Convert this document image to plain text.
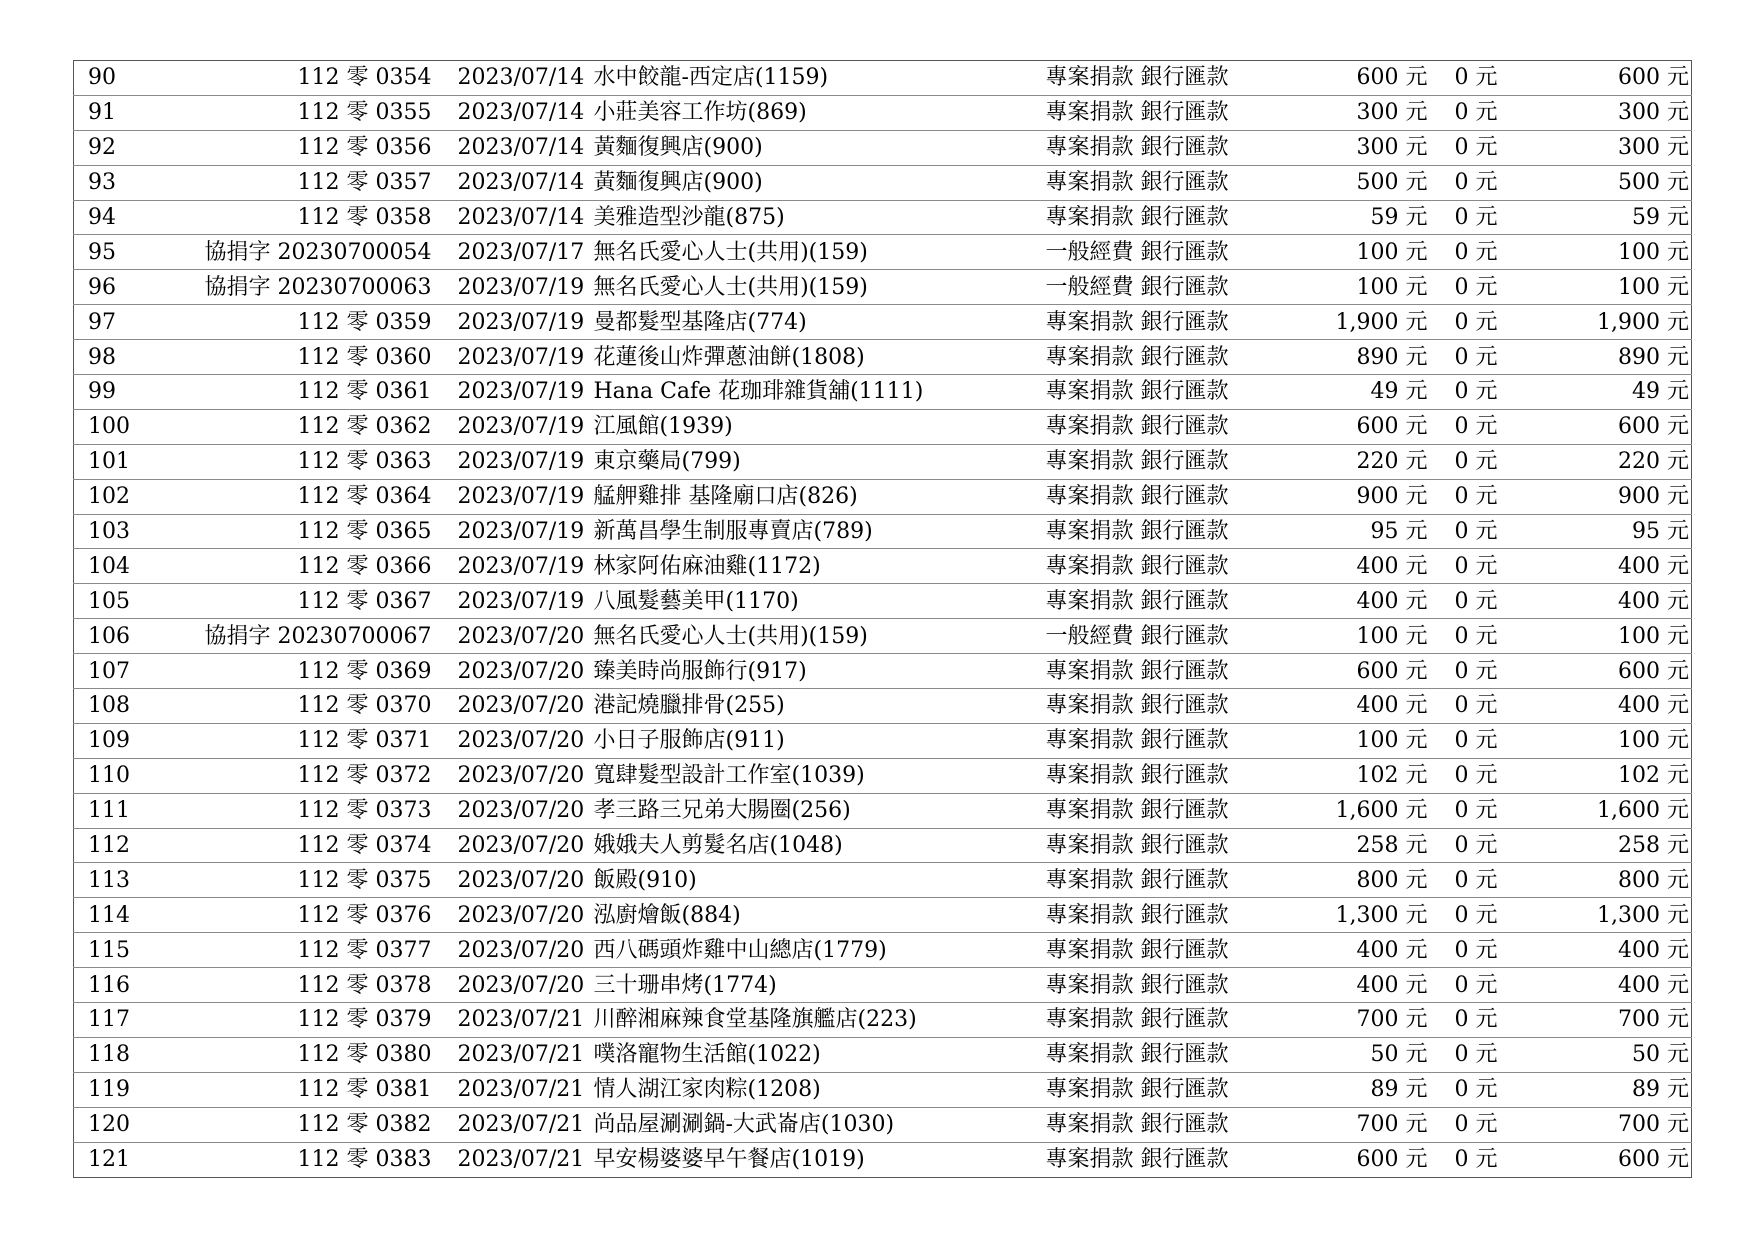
90	112 零 0354	2023/07/14	水中餃龍-西定店(1159)	專案捐款 銀行匯款	600 元	0 元	600 元
91	112 零 0355	2023/07/14	小莊美容工作坊(869)	專案捐款 銀行匯款	300 元	0 元	300 元
92	112 零 0356	2023/07/14	黃麵復興店(900)	專案捐款 銀行匯款	300 元	0 元	300 元
93	112 零 0357	2023/07/14	黃麵復興店(900)	專案捐款 銀行匯款	500 元	0 元	500 元
94	112 零 0358	2023/07/14	美雅造型沙龍(875)	專案捐款 銀行匯款	59 元	0 元	59 元
95	協捐字 20230700054	2023/07/17	無名氏愛心人士(共用)(159)	一般經費 銀行匯款	100 元	0 元	100 元
96	協捐字 20230700063	2023/07/19	無名氏愛心人士(共用)(159)	一般經費 銀行匯款	100 元	0 元	100 元
97	112 零 0359	2023/07/19	曼都髮型基隆店(774)	專案捐款 銀行匯款	1,900 元	0 元	1,900 元
98	112 零 0360	2023/07/19	花蓮後山炸彈蔥油餅(1808)	專案捐款 銀行匯款	890 元	0 元	890 元
99	112 零 0361	2023/07/19	Hana Cafe 花珈琲雜貨舖(1111)	專案捐款 銀行匯款	49 元	0 元	49 元
100	112 零 0362	2023/07/19	江風館(1939)	專案捐款 銀行匯款	600 元	0 元	600 元
101	112 零 0363	2023/07/19	東京藥局(799)	專案捐款 銀行匯款	220 元	0 元	220 元
102	112 零 0364	2023/07/19	艋舺雞排 基隆廟口店(826)	專案捐款 銀行匯款	900 元	0 元	900 元
103	112 零 0365	2023/07/19	新萬昌學生制服專賣店(789)	專案捐款 銀行匯款	95 元	0 元	95 元
104	112 零 0366	2023/07/19	林家阿佑麻油雞(1172)	專案捐款 銀行匯款	400 元	0 元	400 元
105	112 零 0367	2023/07/19	八風髮藝美甲(1170)	專案捐款 銀行匯款	400 元	0 元	400 元
106	協捐字 20230700067	2023/07/20	無名氏愛心人士(共用)(159)	一般經費 銀行匯款	100 元	0 元	100 元
107	112 零 0369	2023/07/20	臻美時尚服飾行(917)	專案捐款 銀行匯款	600 元	0 元	600 元
108	112 零 0370	2023/07/20	港記燒臘排骨(255)	專案捐款 銀行匯款	400 元	0 元	400 元
109	112 零 0371	2023/07/20	小日子服飾店(911)	專案捐款 銀行匯款	100 元	0 元	100 元
110	112 零 0372	2023/07/20	寬肆髮型設計工作室(1039)	專案捐款 銀行匯款	102 元	0 元	102 元
111	112 零 0373	2023/07/20	孝三路三兄弟大腸圈(256)	專案捐款 銀行匯款	1,600 元	0 元	1,600 元
112	112 零 0374	2023/07/20	娥娥夫人剪髮名店(1048)	專案捐款 銀行匯款	258 元	0 元	258 元
113	112 零 0375	2023/07/20	飯殿(910)	專案捐款 銀行匯款	800 元	0 元	800 元
114	112 零 0376	2023/07/20	泓廚燴飯(884)	專案捐款 銀行匯款	1,300 元	0 元	1,300 元
115	112 零 0377	2023/07/20	西八碼頭炸雞中山總店(1779)	專案捐款 銀行匯款	400 元	0 元	400 元
116	112 零 0378	2023/07/20	三十珊串烤(1774)	專案捐款 銀行匯款	400 元	0 元	400 元
117	112 零 0379	2023/07/21	川醉湘麻辣食堂基隆旗艦店(223)	專案捐款 銀行匯款	700 元	0 元	700 元
118	112 零 0380	2023/07/21	噗洛寵物生活館(1022)	專案捐款 銀行匯款	50 元	0 元	50 元
119	112 零 0381	2023/07/21	情人湖江家肉粽(1208)	專案捐款 銀行匯款	89 元	0 元	89 元
120	112 零 0382	2023/07/21	尚品屋涮涮鍋-大武崙店(1030)	專案捐款 銀行匯款	700 元	0 元	700 元
121	112 零 0383	2023/07/21	早安楊婆婆早午餐店(1019)	專案捐款 銀行匯款	600 元	0 元	600 元
